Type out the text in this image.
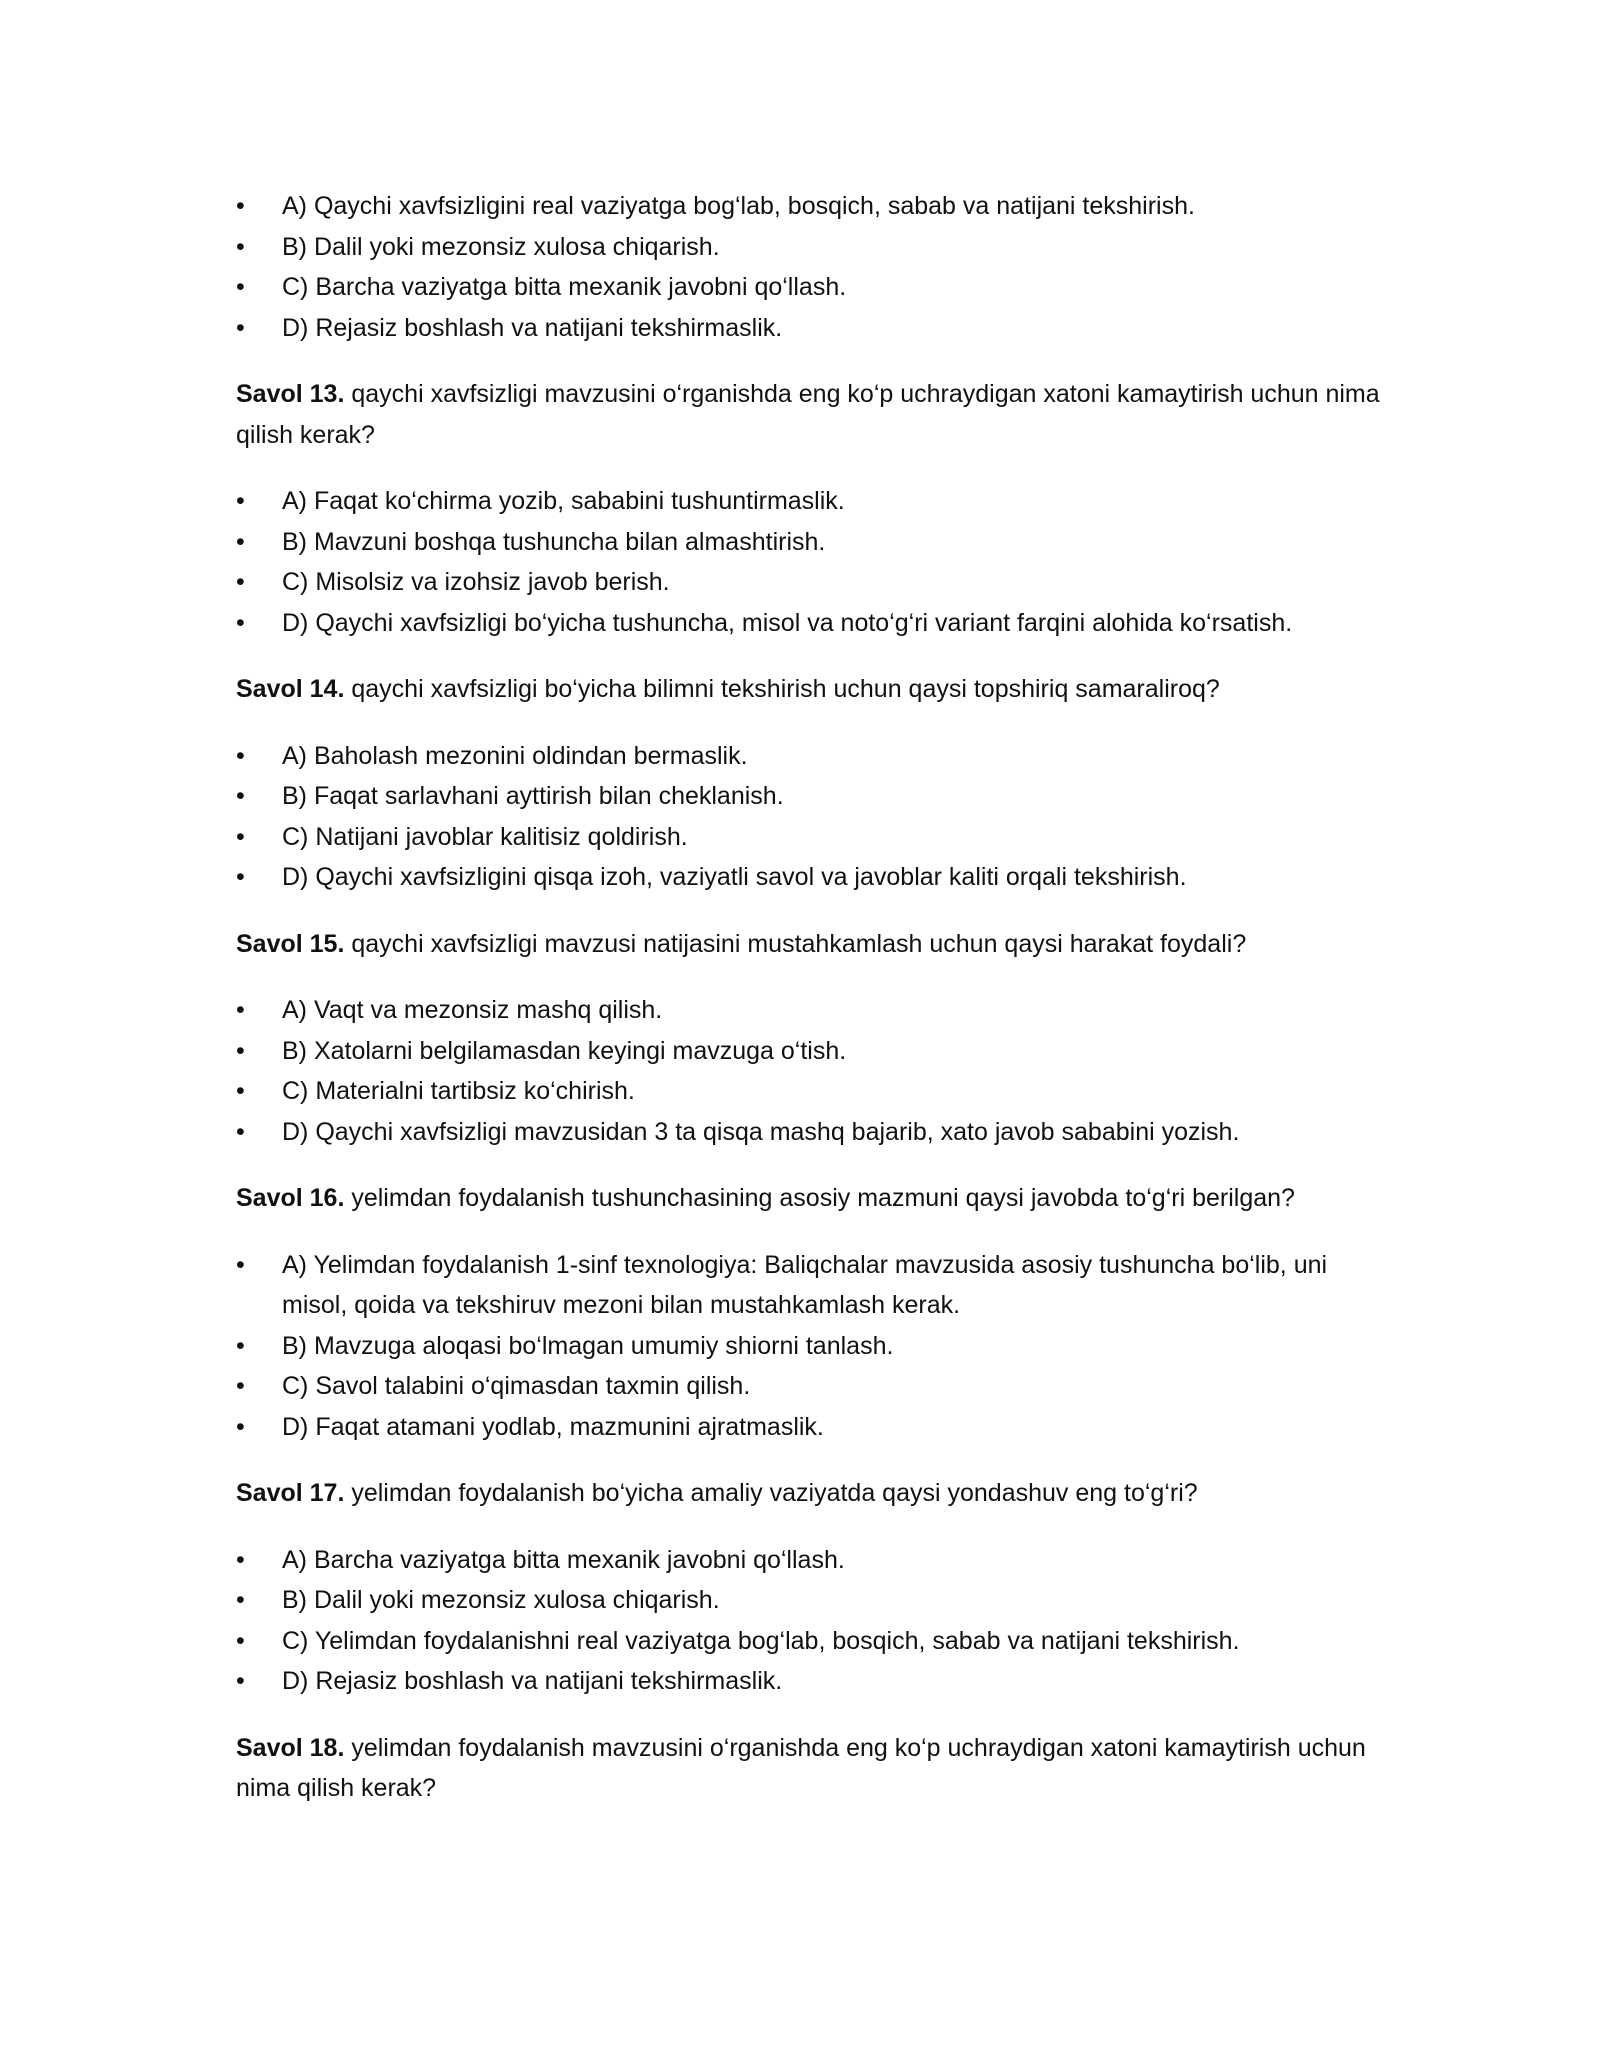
• A) Qaychi xavfsizligini real vaziyatga bog‘lab, bosqich, sabab va natijani tekshirish.
• B) Dalil yoki mezonsiz xulosa chiqarish.
• C) Barcha vaziyatga bitta mexanik javobni qo‘llash.
• D) Rejasiz boshlash va natijani tekshirmaslik.

Savol 13. qaychi xavfsizligi mavzusini o‘rganishda eng ko‘p uchraydigan xatoni kamaytirish uchun nima qilish kerak?

• A) Faqat ko‘chirma yozib, sababini tushuntirmaslik.
• B) Mavzuni boshqa tushuncha bilan almashtirish.
• C) Misolsiz va izohsiz javob berish.
• D) Qaychi xavfsizligi bo‘yicha tushuncha, misol va noto‘g‘ri variant farqini alohida ko‘rsatish.

Savol 14. qaychi xavfsizligi bo‘yicha bilimni tekshirish uchun qaysi topshiriq samaraliroq?

• A) Baholash mezonini oldindan bermaslik.
• B) Faqat sarlavhani ayttirish bilan cheklanish.
• C) Natijani javoblar kalitisiz qoldirish.
• D) Qaychi xavfsizligini qisqa izoh, vaziyatli savol va javoblar kaliti orqali tekshirish.

Savol 15. qaychi xavfsizligi mavzusi natijasini mustahkamlash uchun qaysi harakat foydali?

• A) Vaqt va mezonsiz mashq qilish.
• B) Xatolarni belgilamasdan keyingi mavzuga o‘tish.
• C) Materialni tartibsiz ko‘chirish.
• D) Qaychi xavfsizligi mavzusidan 3 ta qisqa mashq bajarib, xato javob sababini yozish.

Savol 16. yelimdan foydalanish tushunchasining asosiy mazmuni qaysi javobda to‘g‘ri berilgan?

• A) Yelimdan foydalanish 1-sinf texnologiya: Baliqchalar mavzusida asosiy tushuncha bo‘lib, uni misol, qoida va tekshiruv mezoni bilan mustahkamlash kerak.
• B) Mavzuga aloqasi bo‘lmagan umumiy shiorni tanlash.
• C) Savol talabini o‘qimasdan taxmin qilish.
• D) Faqat atamani yodlab, mazmunini ajratmaslik.

Savol 17. yelimdan foydalanish bo‘yicha amaliy vaziyatda qaysi yondashuv eng to‘g‘ri?

• A) Barcha vaziyatga bitta mexanik javobni qo‘llash.
• B) Dalil yoki mezonsiz xulosa chiqarish.
• C) Yelimdan foydalanishni real vaziyatga bog‘lab, bosqich, sabab va natijani tekshirish.
• D) Rejasiz boshlash va natijani tekshirmaslik.

Savol 18. yelimdan foydalanish mavzusini o‘rganishda eng ko‘p uchraydigan xatoni kamaytirish uchun nima qilish kerak?
